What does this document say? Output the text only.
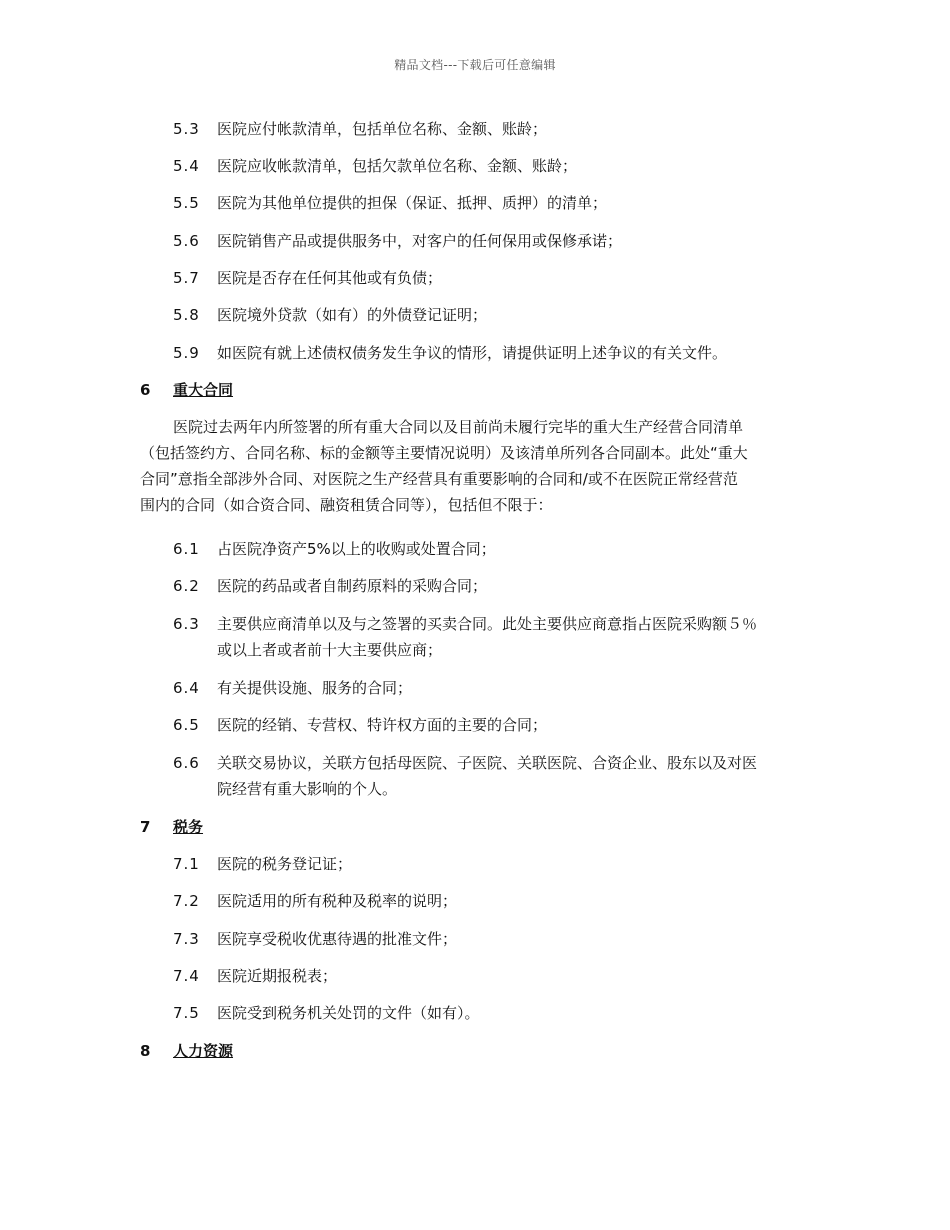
精品文档---下载后可任意编辑
5.3 医院应付帐款清单，包括单位名称、金额、账龄；
5.4 医院应收帐款清单，包括欠款单位名称、金额、账龄；
5.5 医院为其他单位提供的担保（保证、抵押、质押）的清单；
5.6 医院销售产品或提供服务中，对客户的任何保用或保修承诺；
5.7 医院是否存在任何其他或有负债；
5.8 医院境外贷款（如有）的外债登记证明；
5.9 如医院有就上述债权债务发生争议的情形，请提供证明上述争议的有关文件。
6 重大合同
医院过去两年内所签署的所有重大合同以及目前尚未履行完毕的重大生产经营合同清单
（包括签约方、合同名称、标的金额等主要情况说明）及该清单所列各合同副本。此处“重大
合同”意指全部涉外合同、对医院之生产经营具有重要影响的合同和/或不在医院正常经营范
围内的合同（如合资合同、融资租赁合同等），包括但不限于：
6.1 占医院净资产5%以上的收购或处置合同；
6.2 医院的药品或者自制药原料的采购合同；
6.3 主要供应商清单以及与之签署的买卖合同。此处主要供应商意指占医院采购额５％
或以上者或者前十大主要供应商；
6.4 有关提供设施、服务的合同；
6.5 医院的经销、专营权、特许权方面的主要的合同；
6.6 关联交易协议，关联方包括母医院、子医院、关联医院、合资企业、股东以及对医
院经营有重大影响的个人。
7 税务
7.1 医院的税务登记证；
7.2 医院适用的所有税种及税率的说明；
7.3 医院享受税收优惠待遇的批准文件；
7.4 医院近期报税表；
7.5 医院受到税务机关处罚的文件（如有）。
8 人力资源
